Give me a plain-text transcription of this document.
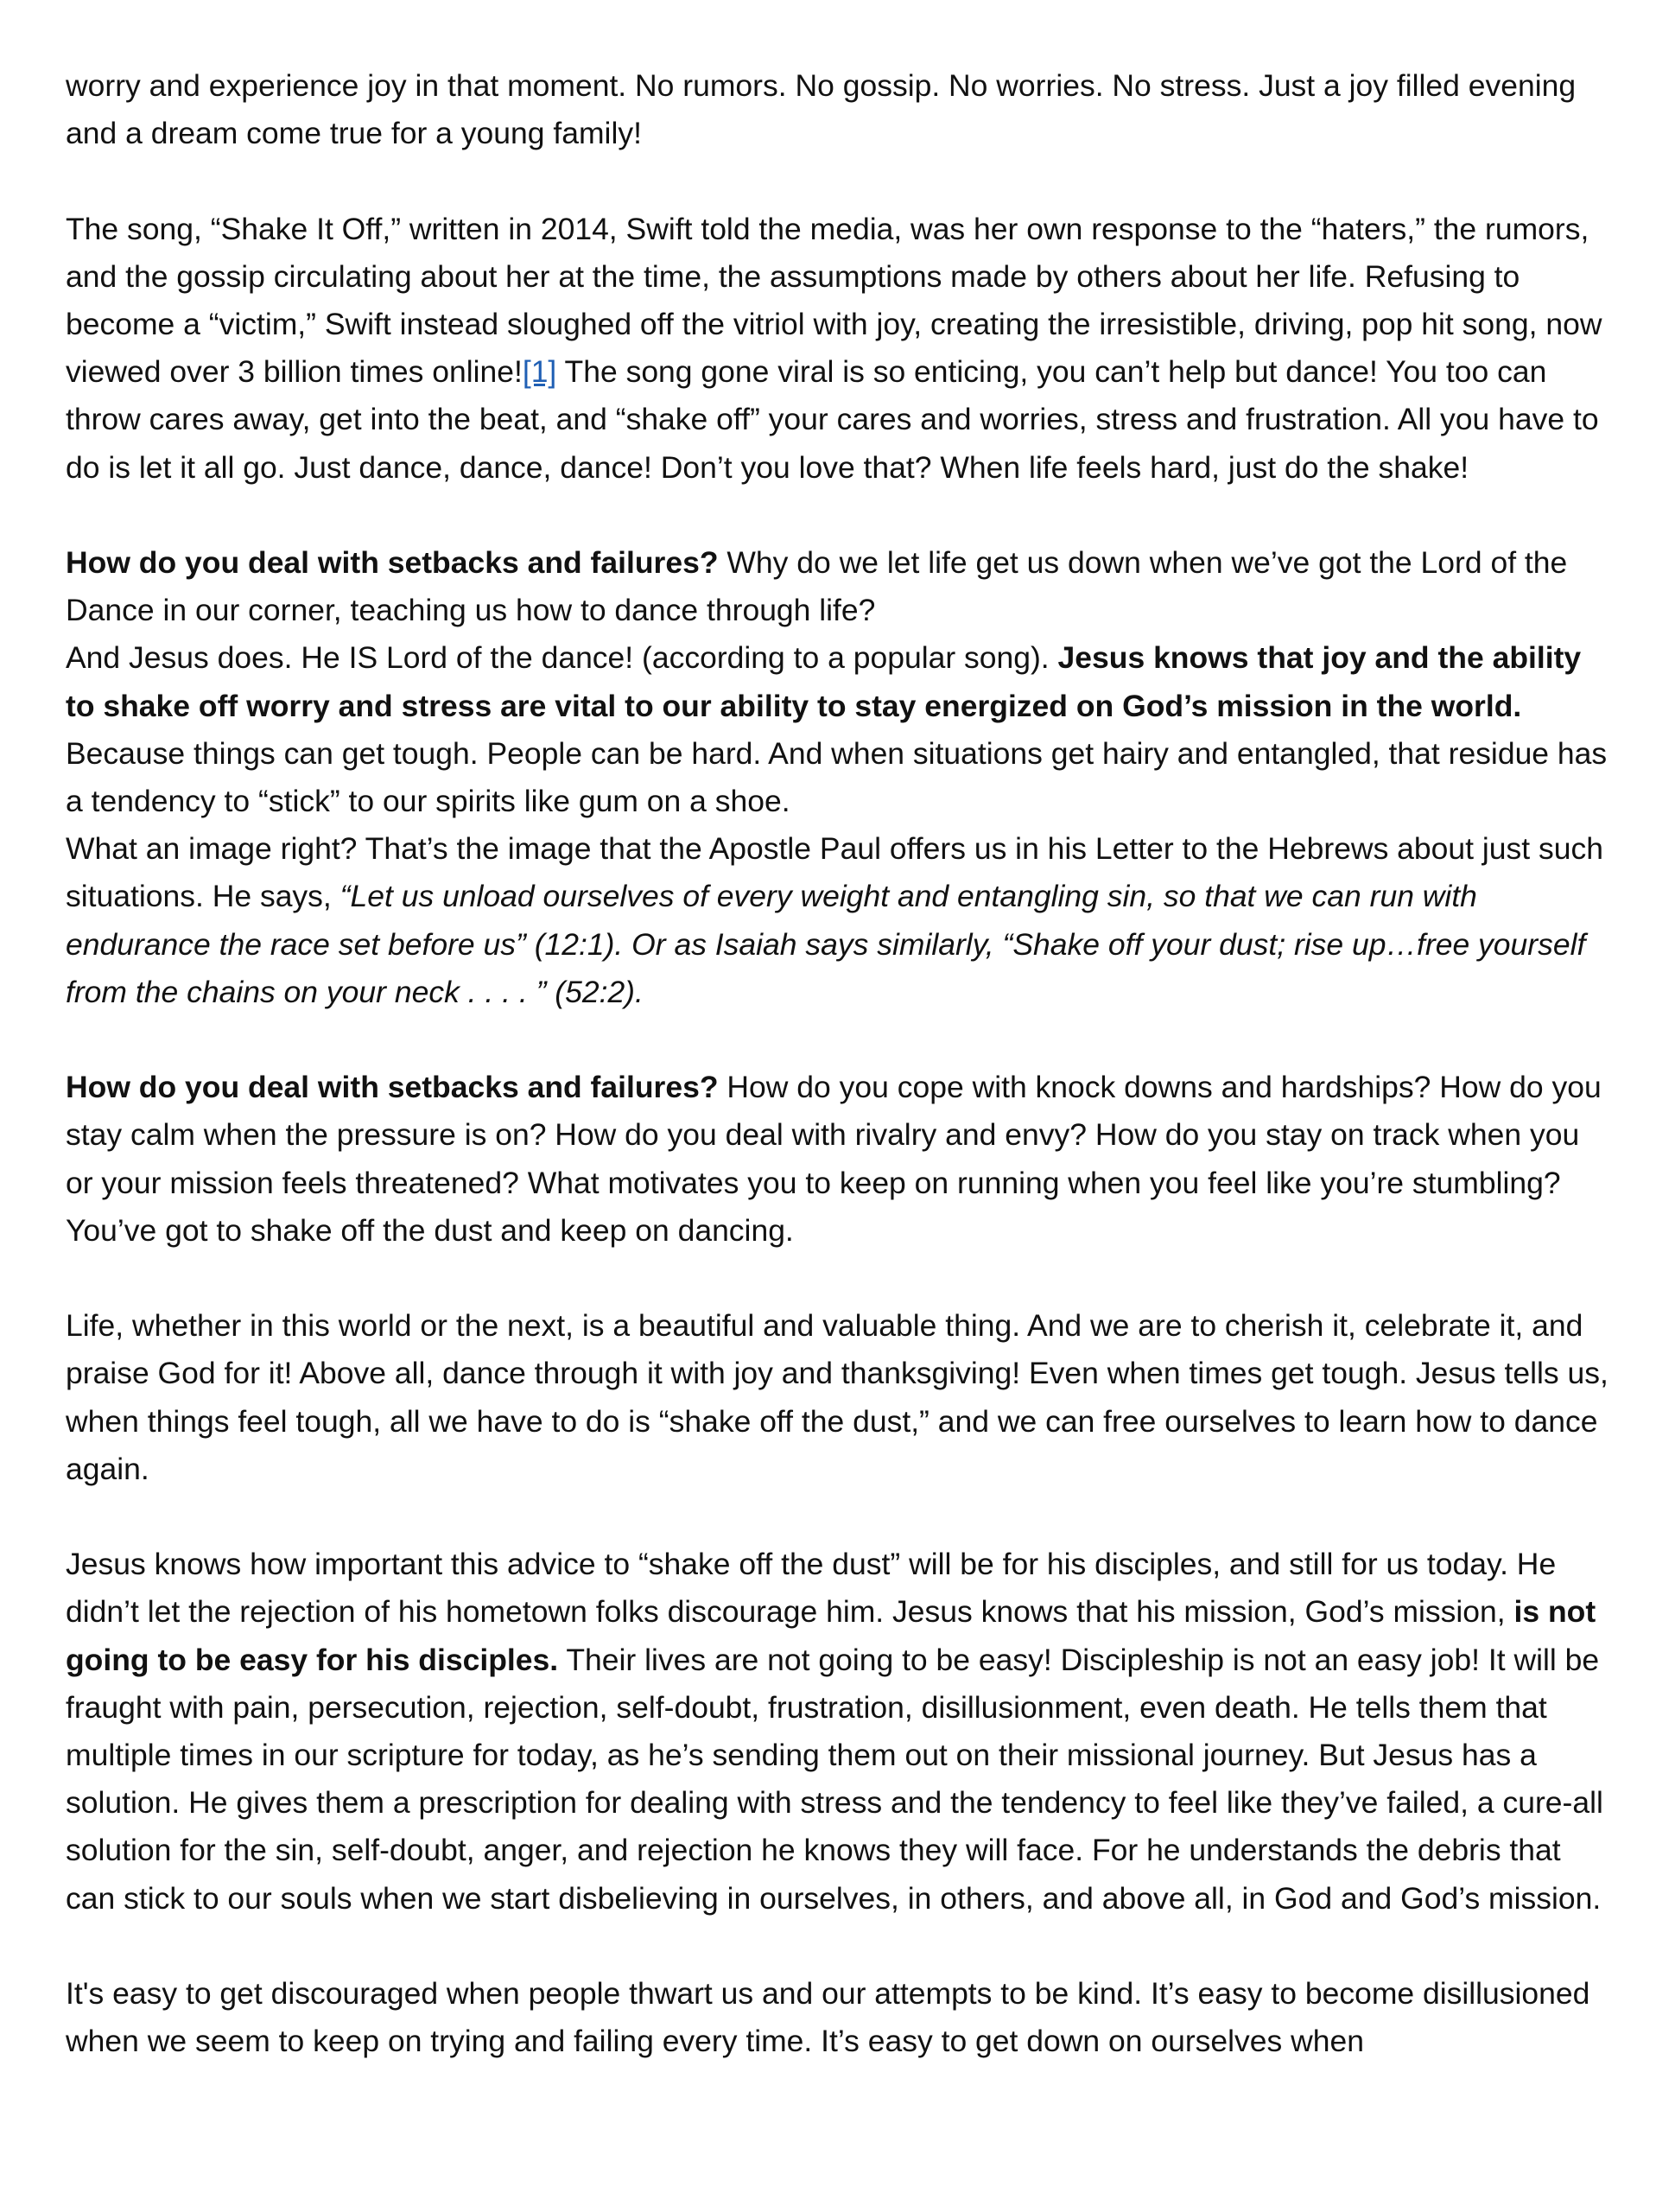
worry and experience joy in that moment. No rumors. No gossip. No worries. No stress. Just a joy filled evening and a dream come true for a young family!

The song, “Shake It Off,” written in 2014, Swift told the media, was her own response to the “haters,” the rumors, and the gossip circulating about her at the time, the assumptions made by others about her life. Refusing to become a “victim,” Swift instead sloughed off the vitriol with joy, creating the irresistible, driving, pop hit song, now viewed over 3 billion times online![1] The song gone viral is so enticing, you can’t help but dance! You too can throw cares away, get into the beat, and “shake off” your cares and worries, stress and frustration. All you have to do is let it all go. Just dance, dance, dance! Don’t you love that? When life feels hard, just do the shake!

How do you deal with setbacks and failures? Why do we let life get us down when we’ve got the Lord of the Dance in our corner, teaching us how to dance through life?

And Jesus does. He IS Lord of the dance! (according to a popular song). Jesus knows that joy and the ability to shake off worry and stress are vital to our ability to stay energized on God’s mission in the world. Because things can get tough. People can be hard. And when situations get hairy and entangled, that residue has a tendency to “stick” to our spirits like gum on a shoe.

What an image right? That’s the image that the Apostle Paul offers us in his Letter to the Hebrews about just such situations. He says, “Let us unload ourselves of every weight and entangling sin, so that we can run with endurance the race set before us” (12:1). Or as Isaiah says similarly, “Shake off your dust; rise up…free yourself from the chains on your neck . . . . ” (52:2).

How do you deal with setbacks and failures? How do you cope with knock downs and hardships? How do you stay calm when the pressure is on? How do you deal with rivalry and envy? How do you stay on track when you or your mission feels threatened? What motivates you to keep on running when you feel like you’re stumbling? You’ve got to shake off the dust and keep on dancing.

Life, whether in this world or the next, is a beautiful and valuable thing. And we are to cherish it, celebrate it, and praise God for it! Above all, dance through it with joy and thanksgiving! Even when times get tough. Jesus tells us, when things feel tough, all we have to do is “shake off the dust,” and we can free ourselves to learn how to dance again.

Jesus knows how important this advice to “shake off the dust” will be for his disciples, and still for us today. He didn’t let the rejection of his hometown folks discourage him. Jesus knows that his mission, God’s mission, is not going to be easy for his disciples. Their lives are not going to be easy! Discipleship is not an easy job! It will be fraught with pain, persecution, rejection, self-doubt, frustration, disillusionment, even death. He tells them that multiple times in our scripture for today, as he’s sending them out on their missional journey. But Jesus has a solution. He gives them a prescription for dealing with stress and the tendency to feel like they’ve failed, a cure-all solution for the sin, self-doubt, anger, and rejection he knows they will face. For he understands the debris that can stick to our souls when we start disbelieving in ourselves, in others, and above all, in God and God’s mission.

It's easy to get discouraged when people thwart us and our attempts to be kind. It’s easy to become disillusioned when we seem to keep on trying and failing every time. It’s easy to get down on ourselves when
